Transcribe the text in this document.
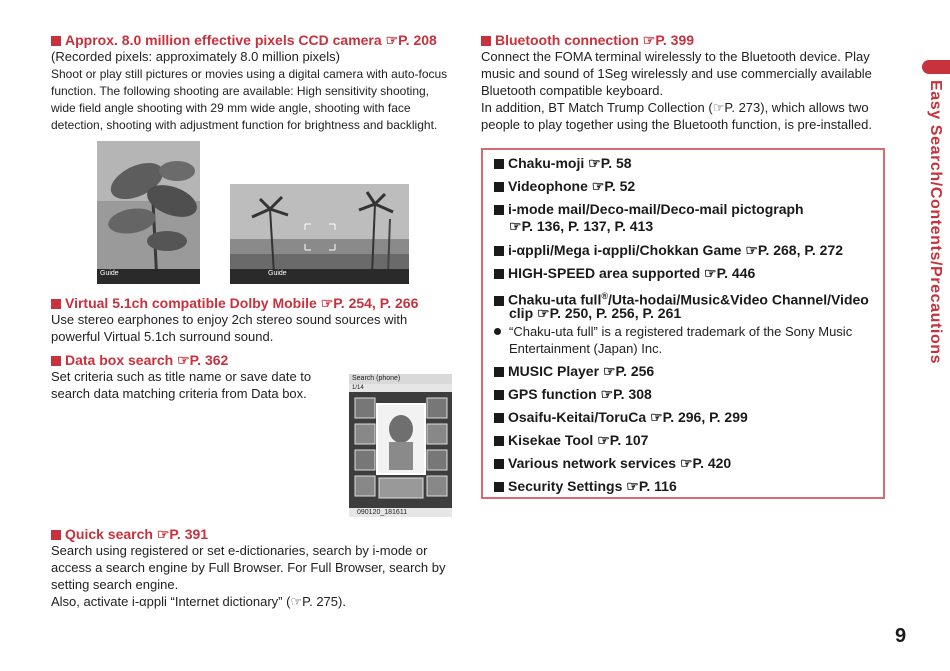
Approx. 8.0 million effective pixels CCD camera ☞P. 208
(Recorded pixels: approximately 8.0 million pixels)
Shoot or play still pictures or movies using a digital camera with auto-focus
function. The following shooting are available: High sensitivity shooting,
wide field angle shooting with 29 mm wide angle, shooting with face
detection, shooting with adjustment function for brightness and backlight.
Guide	Guide
Virtual 5.1ch compatible Dolby Mobile ☞P. 254, P. 266
Use stereo earphones to enjoy 2ch stereo sound sources with
powerful Virtual 5.1ch surround sound.
Data box search ☞P. 362
Set criteria such as title name or save date to
search data matching criteria from Data box.
Search (phone)
1/14
090120_181611
Quick search ☞P. 391
Search using registered or set e-dictionaries, search by i-mode or
access a search engine by Full Browser. For Full Browser, search by
setting search engine.
Also, activate i-αppli “Internet dictionary” (☞P. 275).
Bluetooth connection ☞P. 399
Connect the FOMA terminal wirelessly to the Bluetooth device. Play
music and sound of 1Seg wirelessly and use commercially available
Bluetooth compatible keyboard.
In addition, BT Match Trump Collection (☞P. 273), which allows two
people to play together using the Bluetooth function, is pre-installed.
Chaku-moji ☞P. 58
Videophone ☞P. 52
i-mode mail/Deco-mail/Deco-mail pictograph
☞P. 136, P. 137, P. 413
i-αppli/Mega i-αppli/Chokkan Game ☞P. 268, P. 272
HIGH-SPEED area supported ☞P. 446
Chaku-uta full®/Uta-hodai/Music&Video Channel/Video
clip ☞P. 250, P. 256, P. 261
“Chaku-uta full” is a registered trademark of the Sony Music
Entertainment (Japan) Inc.
MUSIC Player ☞P. 256
GPS function ☞P. 308
Osaifu-Keitai/ToruCa ☞P. 296, P. 299
Kisekae Tool ☞P. 107
Various network services ☞P. 420
Security Settings ☞P. 116
Easy Search/Contents/Precautions
9
